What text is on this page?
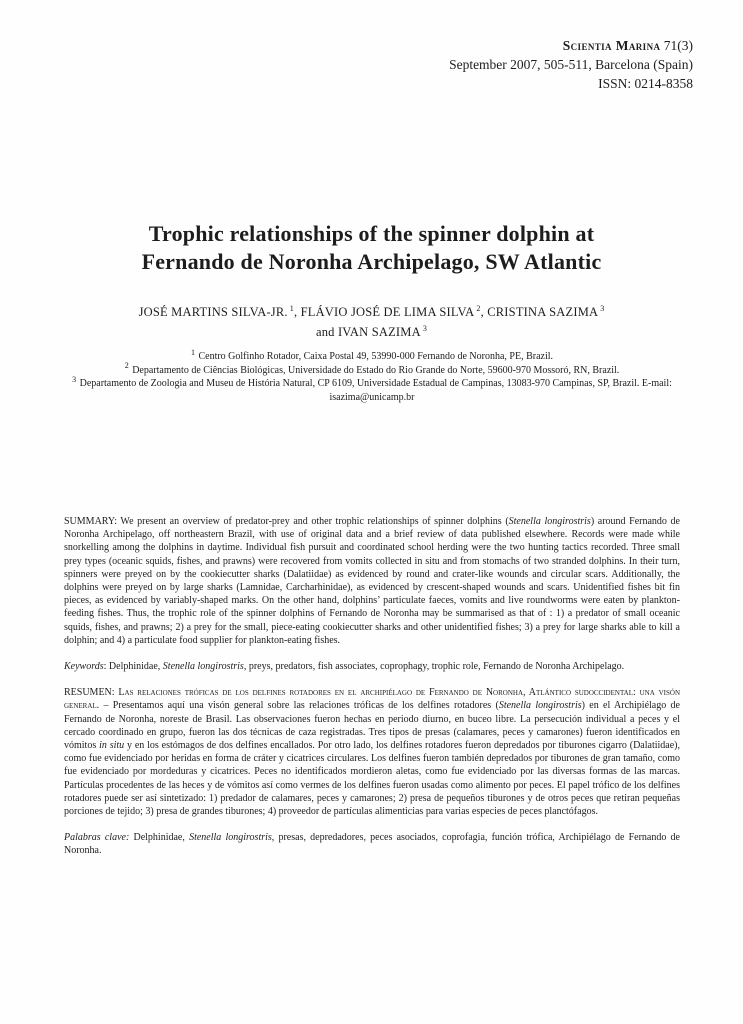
Scientia Marina 71(3)
September 2007, 505-511, Barcelona (Spain)
ISSN: 0214-8358
Trophic relationships of the spinner dolphin at
Fernando de Noronha Archipelago, SW Atlantic
JOSÉ MARTINS SILVA-JR. $^1$, FLÁVIO JOSÉ DE LIMA SILVA $^2$, CRISTINA SAZIMA $^3$
and IVAN SAZIMA $^3$
$^1$ Centro Golfinho Rotador, Caixa Postal 49, 53990-000 Fernando de Noronha, PE, Brazil.
$^2$ Departamento de Ciências Biológicas, Universidade do Estado do Rio Grande do Norte, 59600-970 Mossoró, RN, Brazil.
$^3$ Departamento de Zoologia and Museu de História Natural, CP 6109, Universidade Estadual de Campinas, 13083-970 Campinas, SP, Brazil. E-mail: isazima@unicamp.br

SUMMARY: We present an overview of predator-prey and other trophic relationships of spinner dolphins (Stenella longirostris) around Fernando de Noronha Archipelago, off northeastern Brazil, with use of original data and a brief review of data published elsewhere. Records were made while snorkelling among the dolphins in daytime. Individual fish pursuit and coordinated school herding were the two hunting tactics recorded. Three small prey types (oceanic squids, fishes, and prawns) were recovered from vomits collected in situ and from stomachs of two stranded dolphins. In their turn, spinners were preyed on by the cookiecutter sharks (Dalatiidae) as evidenced by round and crater-like wounds and circular scars. Additionally, the dolphins were preyed on by large sharks (Lamnidae, Carcharhinidae), as evidenced by crescent-shaped wounds and scars. Unidentified fishes bit fin pieces, as evidenced by variably-shaped marks. On the other hand, dolphins’ particulate faeces, vomits and live roundworms were eaten by plankton-feeding fishes. Thus, the trophic role of the spinner dolphins of Fernando de Noronha may be summarised as that of : 1) a predator of small oceanic squids, fishes, and prawns; 2) a prey for the small, piece-eating cookiecutter sharks and other unidentified fishes; 3) a prey for large sharks able to kill a dolphin; and 4) a particulate food supplier for plankton-eating fishes.

Keywords: Delphinidae, Stenella longirostris, preys, predators, fish associates, coprophagy, trophic role, Fernando de Noronha Archipelago.

RESUMEN: Las relaciones tróficas de los delfines rotadores en el archipiélago de Fernando de Noronha, Atlántico sudoccidental: una visón general. – Presentamos aquí una visón general sobre las relaciones tróficas de los delfines rotadores (Stenella longirostris) en el Archipiélago de Fernando de Noronha, noreste de Brasil. Las observaciones fueron hechas en periodo diurno, en buceo libre. La persecución individual a peces y el cercado coordinado en grupo, fueron las dos técnicas de caza registradas. Tres tipos de presas (calamares, peces y camarones) fueron identificados en vómitos in situ y en los estómagos de dos delfines encallados. Por otro lado, los delfines rotadores fueron depredados por tiburones cigarro (Dalatiidae), como fue evidenciado por heridas en forma de cráter y cicatrices circulares. Los delfines fueron también depredados por tiburones de gran tamaño, como fue evidenciado por mordeduras y cicatrices. Peces no identificados mordieron aletas, como fue evidenciado por las diversas formas de las marcas. Partículas procedentes de las heces y de vómitos así como vermes de los delfines fueron usadas como alimento por peces. El papel trófico de los delfines rotadores puede ser así sintetizado: 1) predador de calamares, peces y camarones; 2) presa de pequeños tiburones y de otros peces que retiran pequeñas porciones de tejido; 3) presa de grandes tiburones; 4) proveedor de partículas alimenticias para varias especies de peces planctófagos.

Palabras clave: Delphinidae, Stenella longirostris, presas, depredadores, peces asociados, coprofagia, función trófica, Archipiélago de Fernando de Noronha.
